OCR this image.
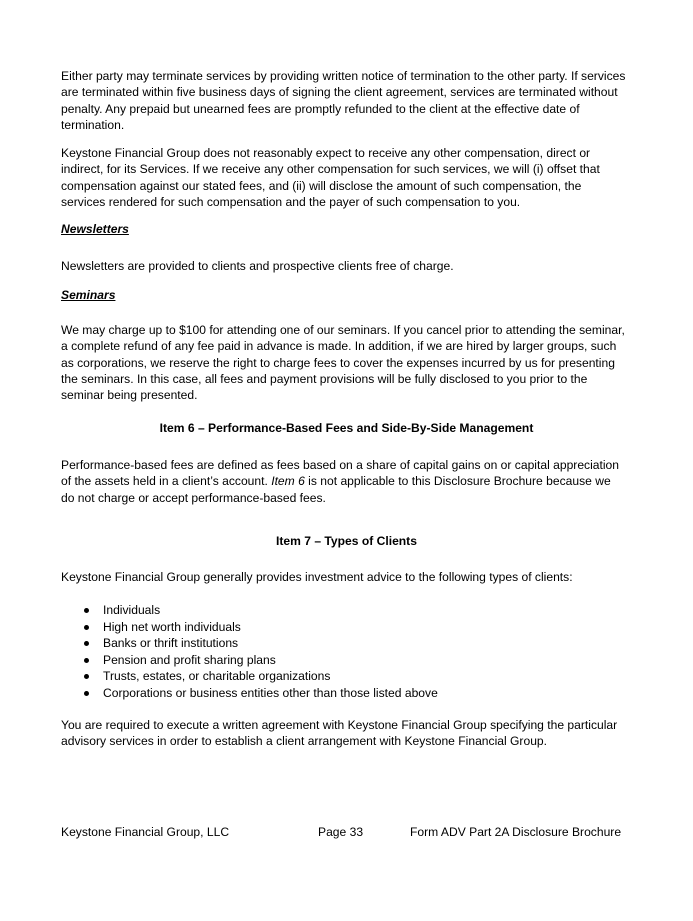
Either party may terminate services by providing written notice of termination to the other party. If services are terminated within five business days of signing the client agreement, services are terminated without penalty. Any prepaid but unearned fees are promptly refunded to the client at the effective date of termination.

Keystone Financial Group does not reasonably expect to receive any other compensation, direct or indirect, for its Services. If we receive any other compensation for such services, we will (i) offset that compensation against our stated fees, and (ii) will disclose the amount of such compensation, the services rendered for such compensation and the payer of such compensation to you.

Newsletters

Newsletters are provided to clients and prospective clients free of charge.

Seminars

We may charge up to $100 for attending one of our seminars. If you cancel prior to attending the seminar, a complete refund of any fee paid in advance is made. In addition, if we are hired by larger groups, such as corporations, we reserve the right to charge fees to cover the expenses incurred by us for presenting the seminars. In this case, all fees and payment provisions will be fully disclosed to you prior to the seminar being presented.

Item 6 – Performance-Based Fees and Side-By-Side Management

Performance-based fees are defined as fees based on a share of capital gains on or capital appreciation of the assets held in a client’s account. Item 6 is not applicable to this Disclosure Brochure because we do not charge or accept performance-based fees.

Item 7 – Types of Clients

Keystone Financial Group generally provides investment advice to the following types of clients:

Individuals
High net worth individuals
Banks or thrift institutions
Pension and profit sharing plans
Trusts, estates, or charitable organizations
Corporations or business entities other than those listed above

You are required to execute a written agreement with Keystone Financial Group specifying the particular advisory services in order to establish a client arrangement with Keystone Financial Group.

Keystone Financial Group, LLC	Page 33	Form ADV Part 2A Disclosure Brochure
